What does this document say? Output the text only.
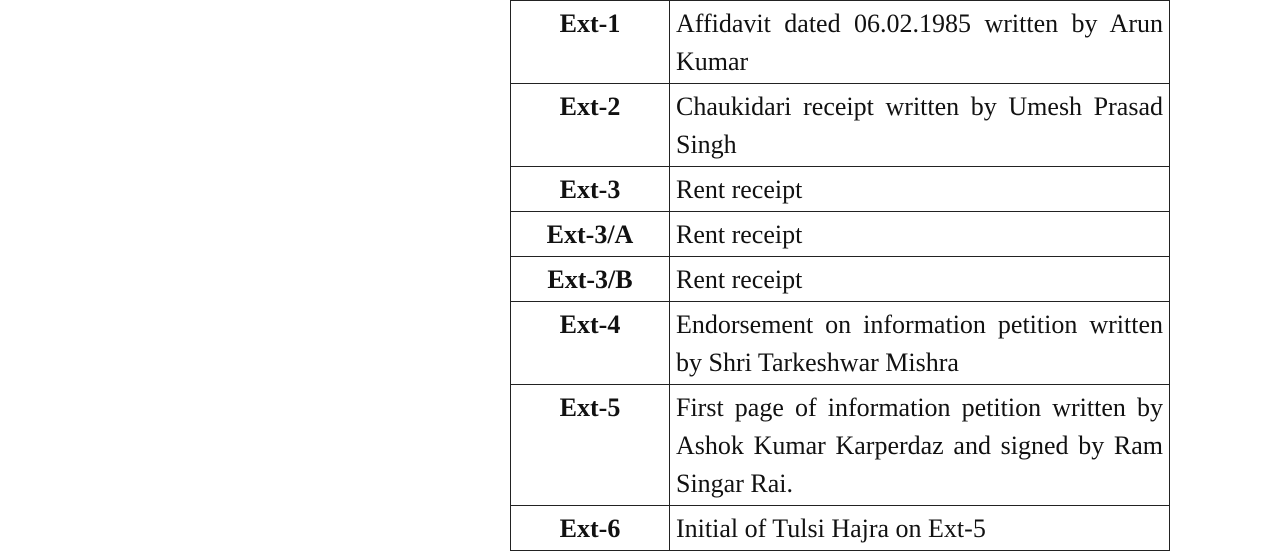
Ext-1	Affidavit dated 06.02.1985 written by Arun Kumar
Ext-2	Chaukidari receipt written by Umesh Prasad Singh
Ext-3	Rent receipt
Ext-3/A	Rent receipt
Ext-3/B	Rent receipt
Ext-4	Endorsement on information petition written by Shri Tarkeshwar Mishra
Ext-5	First page of information petition written by Ashok Kumar Karperdaz and signed by Ram Singar Rai.
Ext-6	Initial of Tulsi Hajra on Ext-5
